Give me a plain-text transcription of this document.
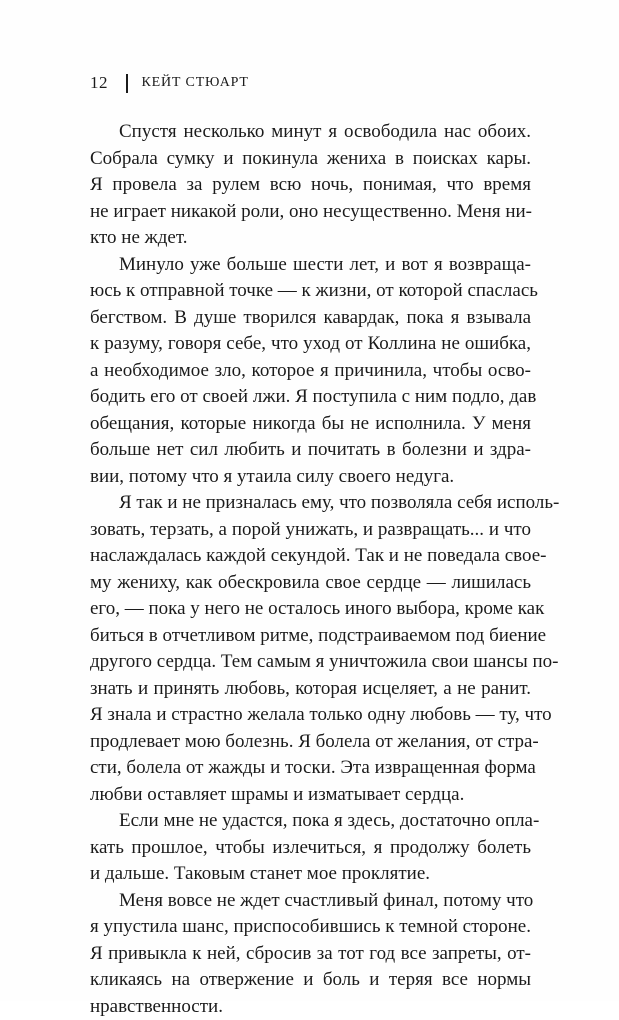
12 КЕЙТ СТЮАРТ
Спустя несколько минут я освободила нас обоих.
Собрала сумку и покинула жениха в поисках кары.
Я провела за рулем всю ночь, понимая, что время
не играет никакой роли, оно несущественно. Меня ни-
кто не ждет.
Минуло уже больше шести лет, и вот я возвраща-
юсь к отправной точке — к жизни, от которой спаслась
бегством. В душе творился кавардак, пока я взывала
к разуму, говоря себе, что уход от Коллина не ошибка,
а необходимое зло, которое я причинила, чтобы осво-
бодить его от своей лжи. Я поступила с ним подло, дав
обещания, которые никогда бы не исполнила. У меня
больше нет сил любить и почитать в болезни и здра-
вии, потому что я утаила силу своего недуга.
Я так и не призналась ему, что позволяла себя исполь-
зовать, терзать, а порой унижать, и развращать... и что
наслаждалась каждой секундой. Так и не поведала свое-
му жениху, как обескровила свое сердце — лишилась
его, — пока у него не осталось иного выбора, кроме как
биться в отчетливом ритме, подстраиваемом под биение
другого сердца. Тем самым я уничтожила свои шансы по-
знать и принять любовь, которая исцеляет, а не ранит.
Я знала и страстно желала только одну любовь — ту, что
продлевает мою болезнь. Я болела от желания, от стра-
сти, болела от жажды и тоски. Эта извращенная форма
любви оставляет шрамы и изматывает сердца.
Если мне не удастся, пока я здесь, достаточно опла-
кать прошлое, чтобы излечиться, я продолжу болеть
и дальше. Таковым станет мое проклятие.
Меня вовсе не ждет счастливый финал, потому что
я упустила шанс, приспособившись к темной стороне.
Я привыкла к ней, сбросив за тот год все запреты, от-
кликаясь на отвержение и боль и теряя все нормы
нравственности.
